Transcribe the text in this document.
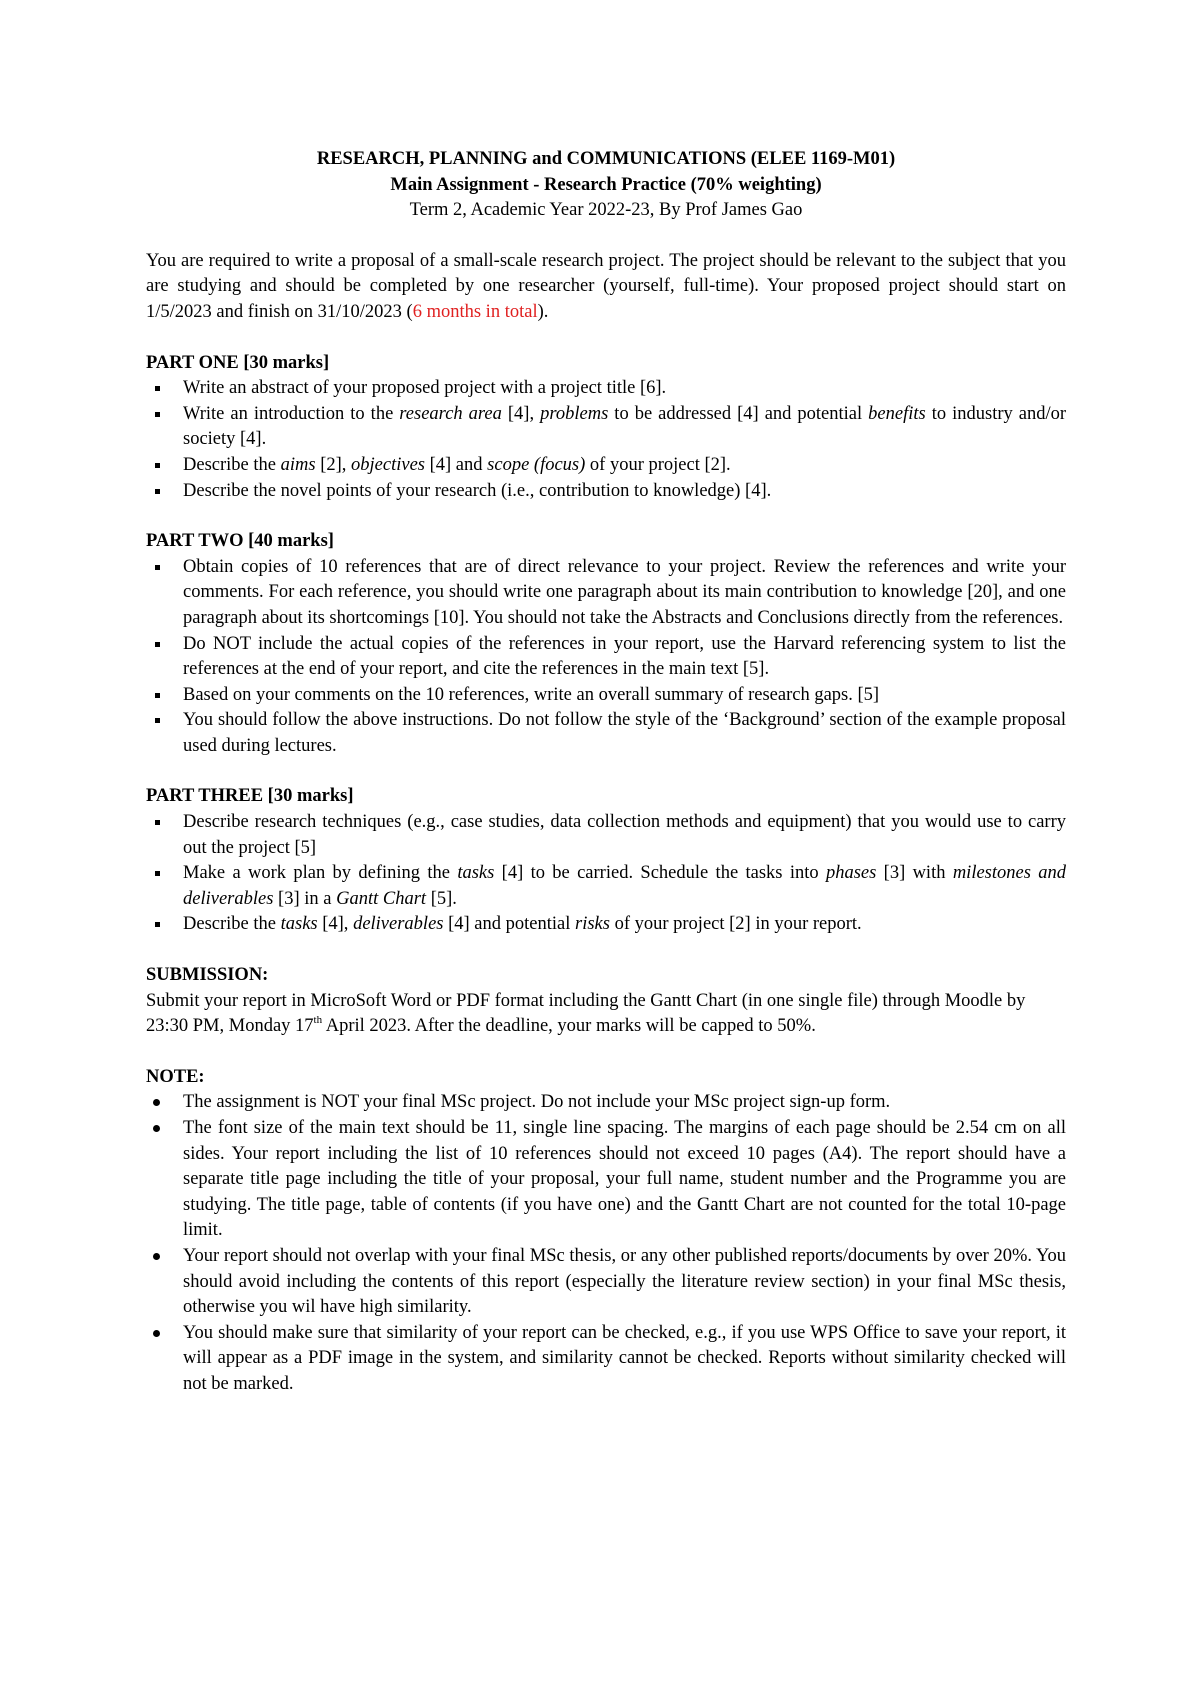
RESEARCH, PLANNING and COMMUNICATIONS (ELEE 1169-M01)

Main Assignment - Research Practice (70% weighting)

Term 2, Academic Year 2022-23, By Prof James Gao

You are required to write a proposal of a small-scale research project. The project should be relevant to the subject that you are studying and should be completed by one researcher (yourself, full-time). Your proposed project should start on 1/5/2023 and finish on 31/10/2023 (6 months in total).

PART ONE [30 marks]

Write an abstract of your proposed project with a project title [6].
Write an introduction to the research area [4], problems to be addressed [4] and potential benefits to industry and/or society [4].
Describe the aims [2], objectives [4] and scope (focus) of your project [2].
Describe the novel points of your research (i.e., contribution to knowledge) [4].

PART TWO [40 marks]

Obtain copies of 10 references that are of direct relevance to your project. Review the references and write your comments. For each reference, you should write one paragraph about its main contribution to knowledge [20], and one paragraph about its shortcomings [10]. You should not take the Abstracts and Conclusions directly from the references.
Do NOT include the actual copies of the references in your report, use the Harvard referencing system to list the references at the end of your report, and cite the references in the main text [5].
Based on your comments on the 10 references, write an overall summary of research gaps. [5]
You should follow the above instructions. Do not follow the style of the ‘Background’ section of the example proposal used during lectures.

PART THREE [30 marks]

Describe research techniques (e.g., case studies, data collection methods and equipment) that you would use to carry out the project [5]
Make a work plan by defining the tasks [4] to be carried. Schedule the tasks into phases [3] with milestones and deliverables [3] in a Gantt Chart [5].
Describe the tasks [4], deliverables [4] and potential risks of your project [2] in your report.

SUBMISSION:

Submit your report in MicroSoft Word or PDF format including the Gantt Chart (in one single file) through Moodle by 23:30 PM, Monday 17th April 2023. After the deadline, your marks will be capped to 50%.

NOTE:

The assignment is NOT your final MSc project. Do not include your MSc project sign-up form.
The font size of the main text should be 11, single line spacing. The margins of each page should be 2.54 cm on all sides. Your report including the list of 10 references should not exceed 10 pages (A4). The report should have a separate title page including the title of your proposal, your full name, student number and the Programme you are studying. The title page, table of contents (if you have one) and the Gantt Chart are not counted for the total 10-page limit.
Your report should not overlap with your final MSc thesis, or any other published reports/documents by over 20%. You should avoid including the contents of this report (especially the literature review section) in your final MSc thesis, otherwise you wil have high similarity.
You should make sure that similarity of your report can be checked, e.g., if you use WPS Office to save your report, it will appear as a PDF image in the system, and similarity cannot be checked. Reports without similarity checked will not be marked.
